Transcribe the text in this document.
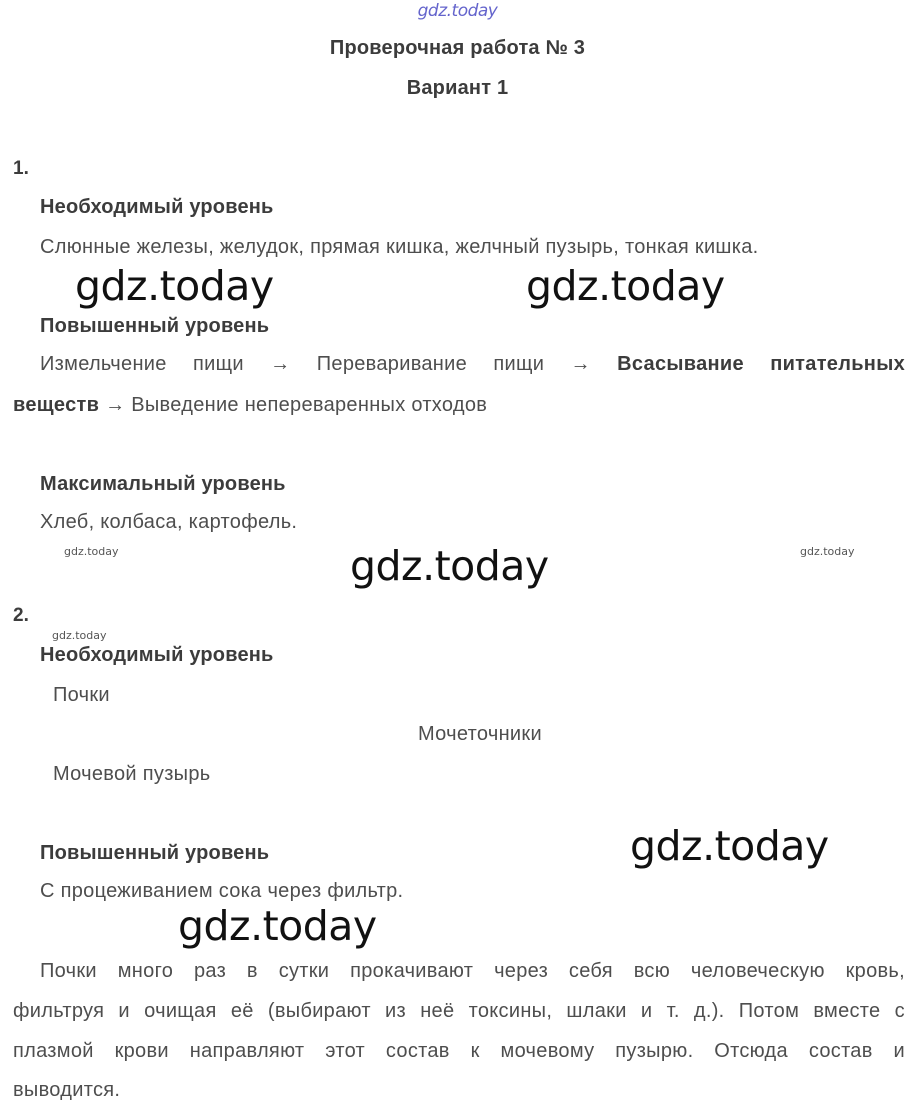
gdz.today
Проверочная работа № 3
Вариант 1
1.
Необходимый уровень
Слюнные железы, желудок, прямая кишка, желчный пузырь, тонкая кишка.
gdz.today	gdz.today
Повышенный уровень
Измельчение пищи → Переваривание пищи → Всасывание питательных
веществ → Выведение непереваренных отходов
Максимальный уровень
Хлеб, колбаса, картофель.
gdz.today	gdz.today
gdz.today
2.
gdz.today
Необходимый уровень
Почки
Мочеточники
Мочевой пузырь
gdz.today
Повышенный уровень
С процеживанием сока через фильтр.
gdz.today
Почки много раз в сутки прокачивают через себя всю человеческую кровь,
фильтруя и очищая её (выбирают из неё токсины, шлаки и т. д.). Потом вместе с
плазмой крови направляют этот состав к мочевому пузырю. Отсюда состав и
выводится.
